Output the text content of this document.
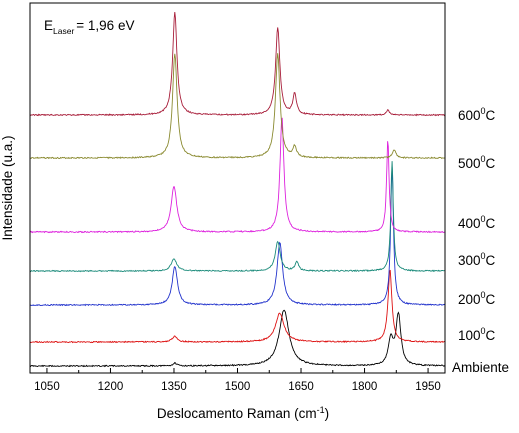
1050	1200	1350	1500	1650	1800	1950
$E_{Laser} = 1,96$ eV
Deslocamento Raman $(cm^{-1})$
Intensidade (u.a.)
Ambiente
$100^0C$
$200^0C$
$300^0C$
$400^0C$
$500^0C$
$600^0C$
